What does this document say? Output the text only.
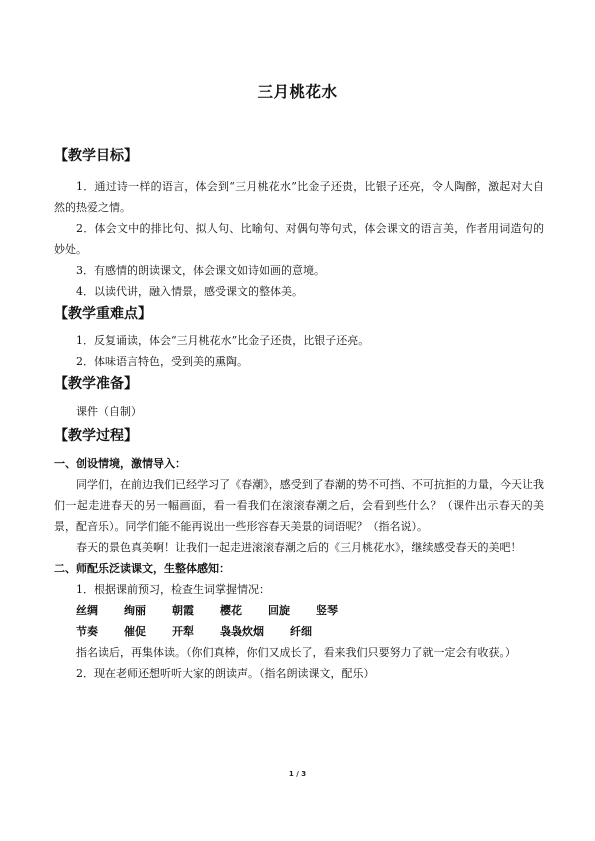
三月桃花水
【教学目标】

1．通过诗一样的语言，体会到“三月桃花水”比金子还贵，比银子还亮，令人陶醉，激起对大自然的热爱之情。

2．体会文中的排比句、拟人句、比喻句、对偶句等句式，体会课文的语言美，作者用词造句的妙处。

3．有感情的朗读课文，体会课文如诗如画的意境。

4．以读代讲，融入情景，感受课文的整体美。

【教学重难点】

1．反复诵读，体会“三月桃花水”比金子还贵，比银子还亮。

2．体味语言特色，受到美的熏陶。

【教学准备】

课件（自制）

【教学过程】
一、创设情境，激情导入：

同学们，在前边我们已经学习了《春潮》，感受到了春潮的势不可挡、不可抗拒的力量，今天让我们一起走进春天的另一幅画面，看一看我们在滚滚春潮之后，会看到些什么？（课件出示春天的美景，配音乐）。同学们能不能再说出一些形容春天美景的词语呢？（指名说）。

春天的景色真美啊！让我们一起走进滚滚春潮之后的《三月桃花水》，继续感受春天的美吧！

二、师配乐泛读课文，生整体感知：

1．根据课前预习，检查生词掌握情况：

丝绸 绚丽 朝霞 樱花 回旋 竖琴
节奏 催促 开犁 袅袅炊烟 纤细

指名读后，再集体读。（你们真棒，你们又成长了，看来我们只要努力了就一定会有收获。）

2．现在老师还想听听大家的朗读声。（指名朗读课文，配乐）

1 / 3
